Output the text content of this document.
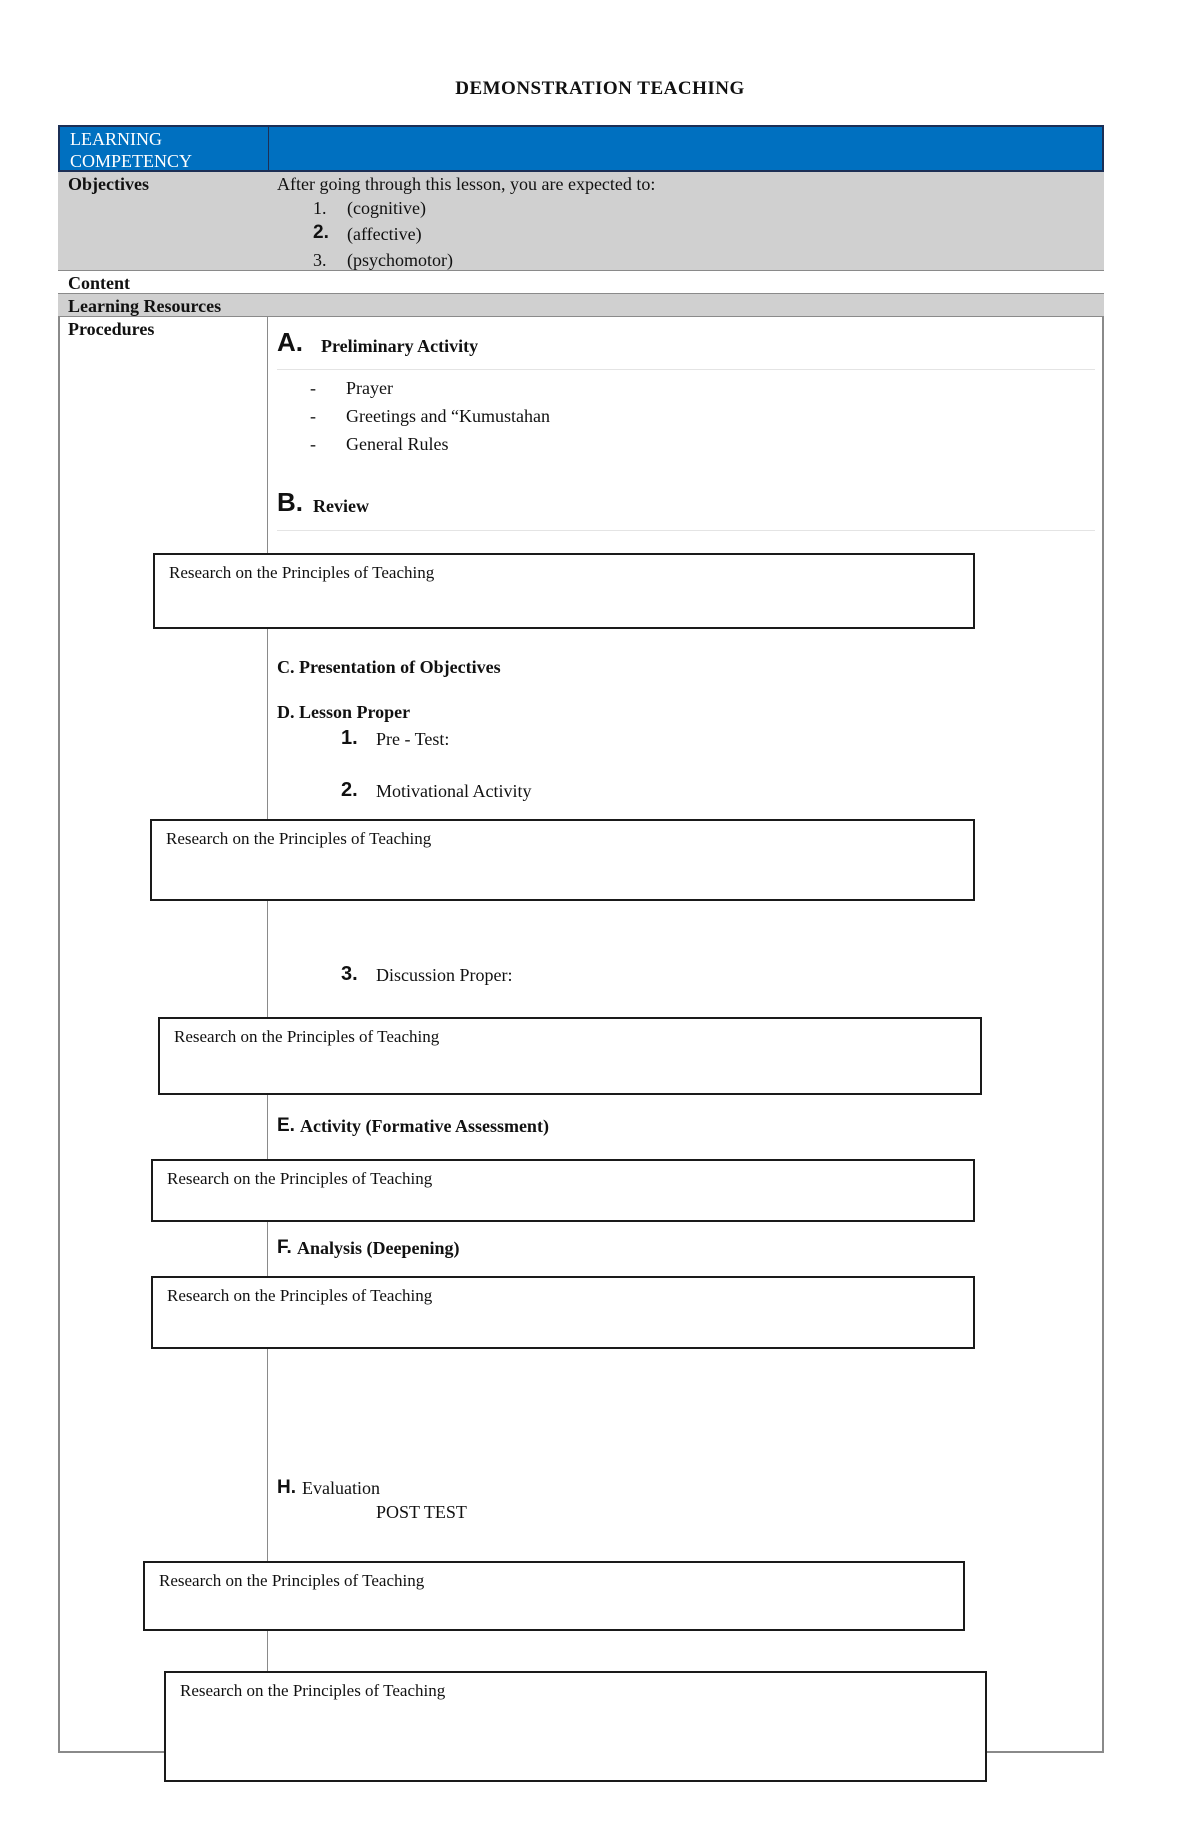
DEMONSTRATION TEACHING
LEARNING COMPETENCY
Objectives	After going through this lesson, you are expected to:
1. (cognitive)
2. (affective)
3. (psychomotor)
Content
Learning Resources
Procedures	A. Preliminary Activity
- Prayer
- Greetings and “Kumustahan
- General Rules
B. Review
Research on the Principles of Teaching
C. Presentation of Objectives
D. Lesson Proper
1. Pre - Test:
2. Motivational Activity
Research on the Principles of Teaching
3. Discussion Proper:
Research on the Principles of Teaching
E. Activity (Formative Assessment)
Research on the Principles of Teaching
F. Analysis (Deepening)
Research on the Principles of Teaching
H. Evaluation
POST TEST
Research on the Principles of Teaching
Research on the Principles of Teaching
